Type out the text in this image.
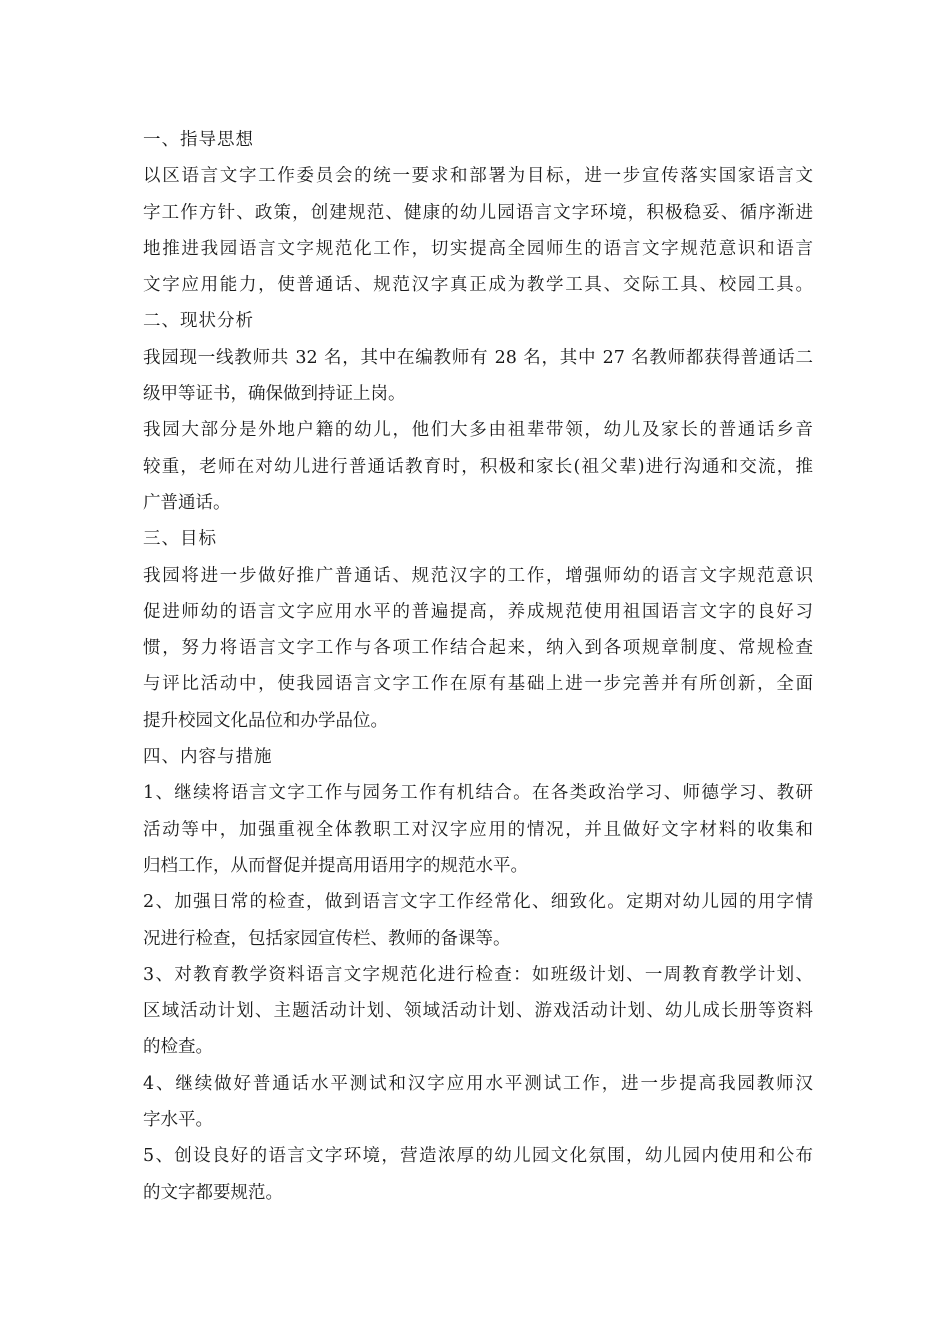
一、指导思想
以区语言文字工作委员会的统一要求和部署为目标，进一步宣传落实国家语言文
字工作方针、政策，创建规范、健康的幼儿园语言文字环境，积极稳妥、循序渐进
地推进我园语言文字规范化工作，切实提高全园师生的语言文字规范意识和语言
文字应用能力，使普通话、规范汉字真正成为教学工具、交际工具、校园工具。
二、现状分析
我园现一线教师共 32 名，其中在编教师有 28 名，其中 27 名教师都获得普通话二
级甲等证书，确保做到持证上岗。
我园大部分是外地户籍的幼儿，他们大多由祖辈带领，幼儿及家长的普通话乡音
较重，老师在对幼儿进行普通话教育时，积极和家长(祖父辈)进行沟通和交流，推
广普通话。
三、目标
我园将进一步做好推广普通话、规范汉字的工作，增强师幼的语言文字规范意识
促进师幼的语言文字应用水平的普遍提高，养成规范使用祖国语言文字的良好习
惯，努力将语言文字工作与各项工作结合起来，纳入到各项规章制度、常规检查
与评比活动中，使我园语言文字工作在原有基础上进一步完善并有所创新，全面
提升校园文化品位和办学品位。
四、内容与措施
1、继续将语言文字工作与园务工作有机结合。在各类政治学习、师德学习、教研
活动等中，加强重视全体教职工对汉字应用的情况，并且做好文字材料的收集和
归档工作，从而督促并提高用语用字的规范水平。
2、加强日常的检查，做到语言文字工作经常化、细致化。定期对幼儿园的用字情
况进行检查，包括家园宣传栏、教师的备课等。
3、对教育教学资料语言文字规范化进行检查：如班级计划、一周教育教学计划、
区域活动计划、主题活动计划、领域活动计划、游戏活动计划、幼儿成长册等资料
的检查。
4、继续做好普通话水平测试和汉字应用水平测试工作，进一步提高我园教师汉
字水平。
5、创设良好的语言文字环境，营造浓厚的幼儿园文化氛围，幼儿园内使用和公布
的文字都要规范。
